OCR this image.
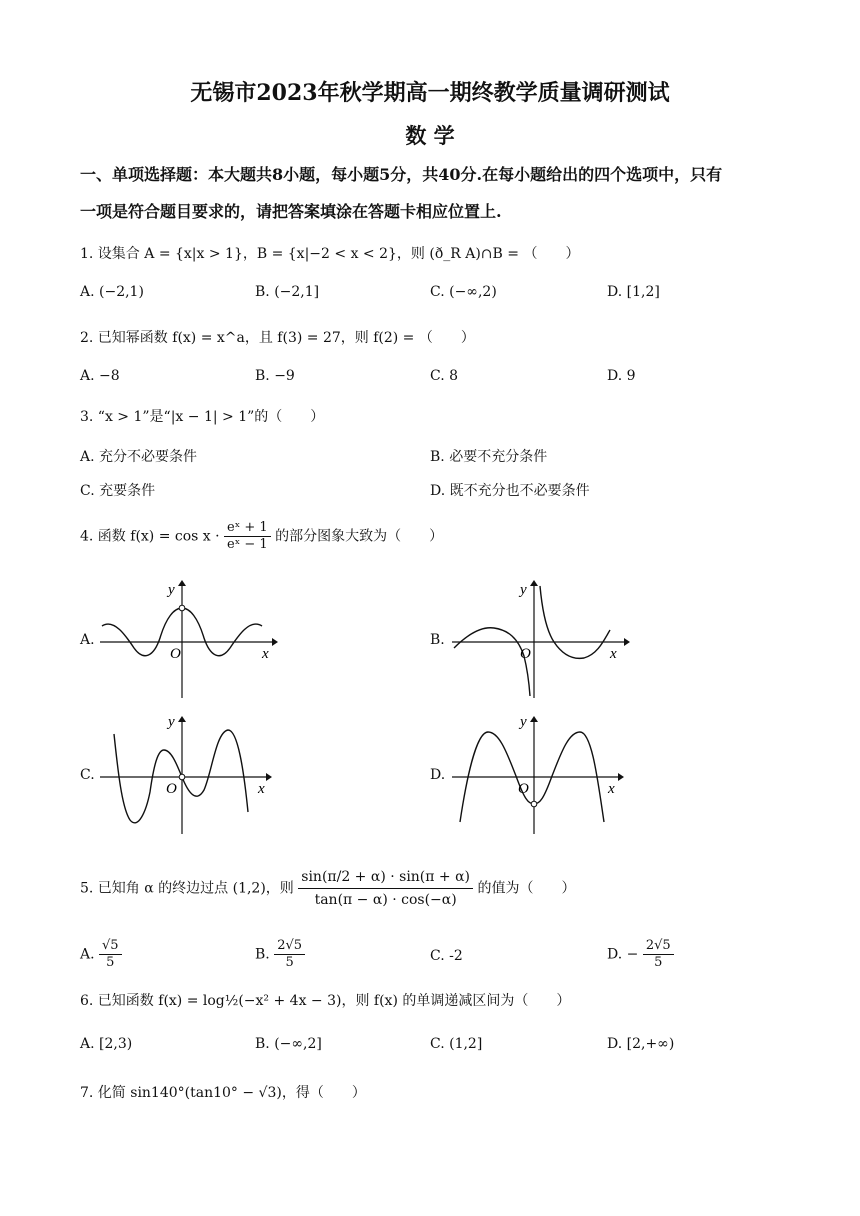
无锡市2023年秋学期高一期终教学质量调研测试
数 学
一、单项选择题：本大题共8小题，每小题5分，共40分.在每小题给出的四个选项中，只有
一项是符合题目要求的，请把答案填涂在答题卡相应位置上.
1. 设集合 A = {x|x > 1}，B = {x|−2 < x < 2}，则 (ð_R A)∩B = （　　）
A. (−2,1)	B. (−2,1]	C. (−∞,2)	D. [1,2]
2. 已知幂函数 f(x) = x^a，且 f(3) = 27，则 f(2) = （　　）
A. −8	B. −9	C. 8	D. 9
3. “x > 1”是“|x − 1| > 1”的（　　）
A. 充分不必要条件	B. 必要不充分条件
C. 充要条件	D. 既不充分也不必要条件
4. 函数 $f(x) = \cos x \cdot \frac{\text{eˣ + 1}}{\text{eˣ − 1}}$ 的部分图象大致为（　　）
A.	B.
C.	D.
y
O	x
y
O	x
y
O	x
y
O	x
5. 已知角 α 的终边过点 (1,2)，则 $\frac{\sin(\pi/2 + \alpha) \cdot \sin(\pi + \alpha)}{\tan(\pi - \alpha) \cdot \cos(-\alpha)}$ 的值为（　　）
A. $\frac{√5}{5}$	B. $\frac{2√5}{5}$	C. -2	D. − $\frac{2√5}{5}$
6. 已知函数 f(x) = log½(−x² + 4x − 3)，则 f(x) 的单调递减区间为（　　）
A. [2,3)	B. (−∞,2]	C. (1,2]	D. [2,+∞)
7. 化简 sin140°(tan10° − √3)，得（　　）
